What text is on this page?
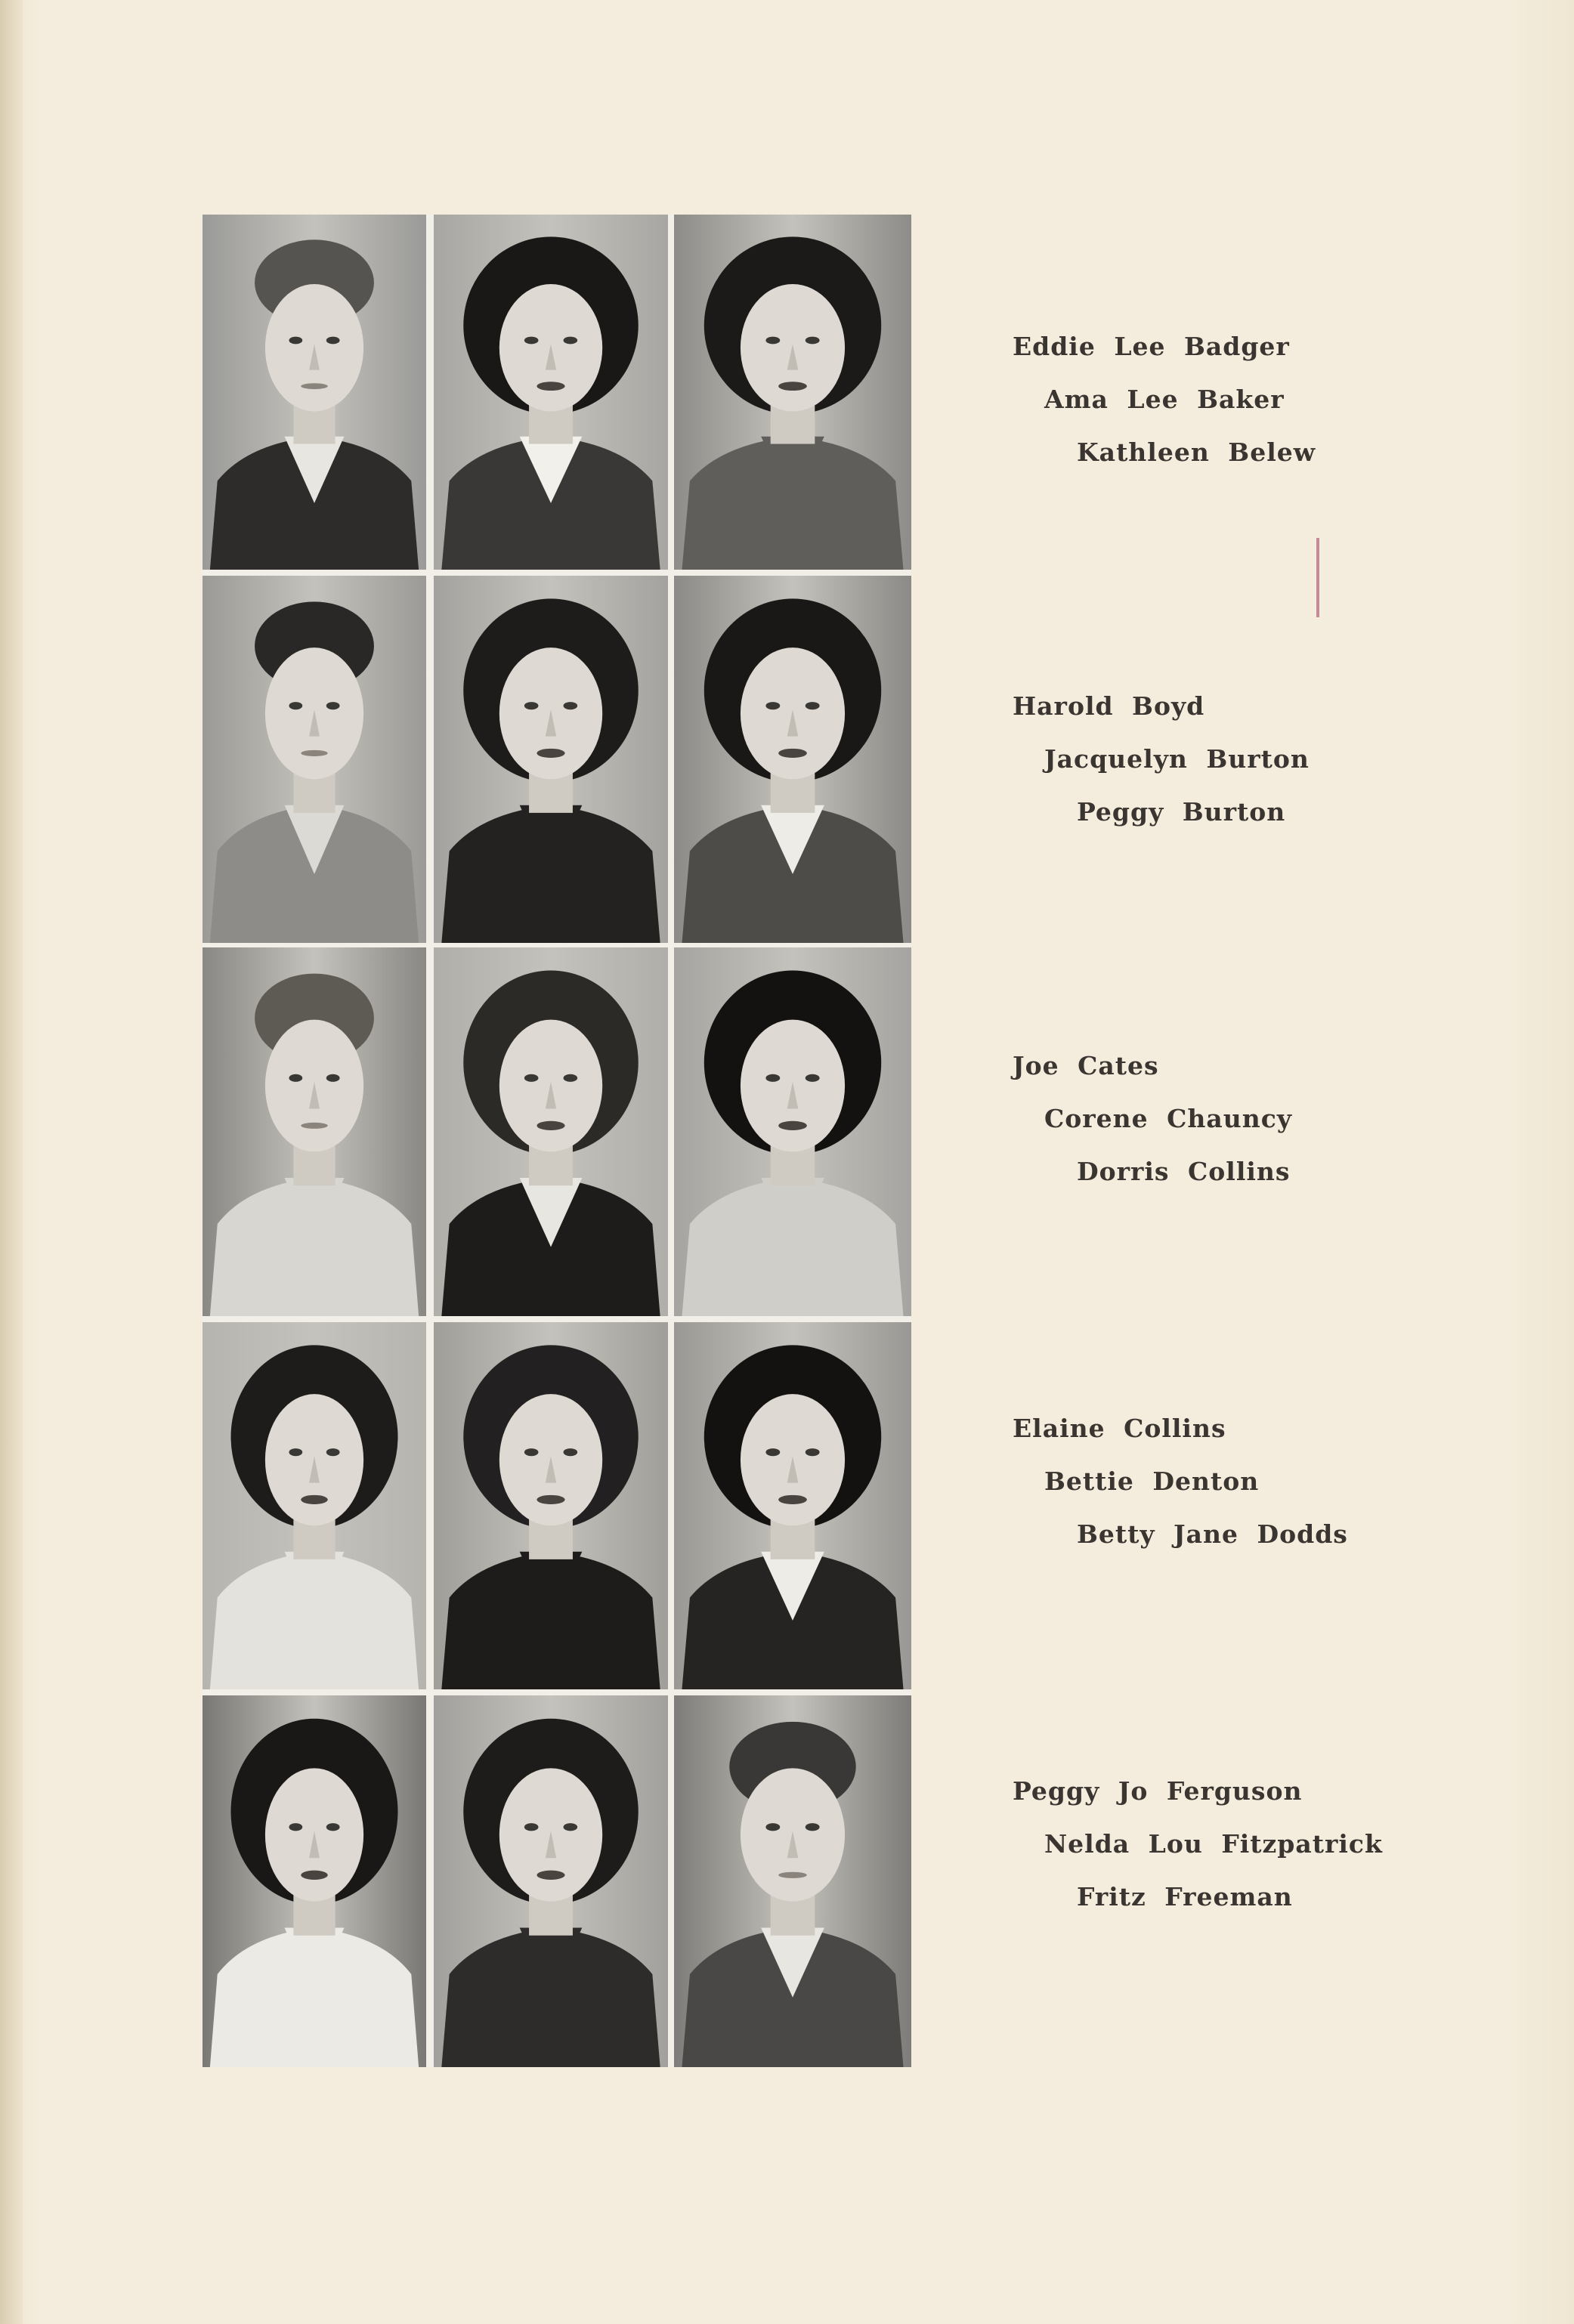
Eddie Lee Badger
Ama Lee Baker
Kathleen Belew
Harold Boyd
Jacquelyn Burton
Peggy Burton
Joe Cates
Corene Chauncy
Dorris Collins
Elaine Collins
Bettie Denton
Betty Jane Dodds
Peggy Jo Ferguson
Nelda Lou Fitzpatrick
Fritz Freeman
